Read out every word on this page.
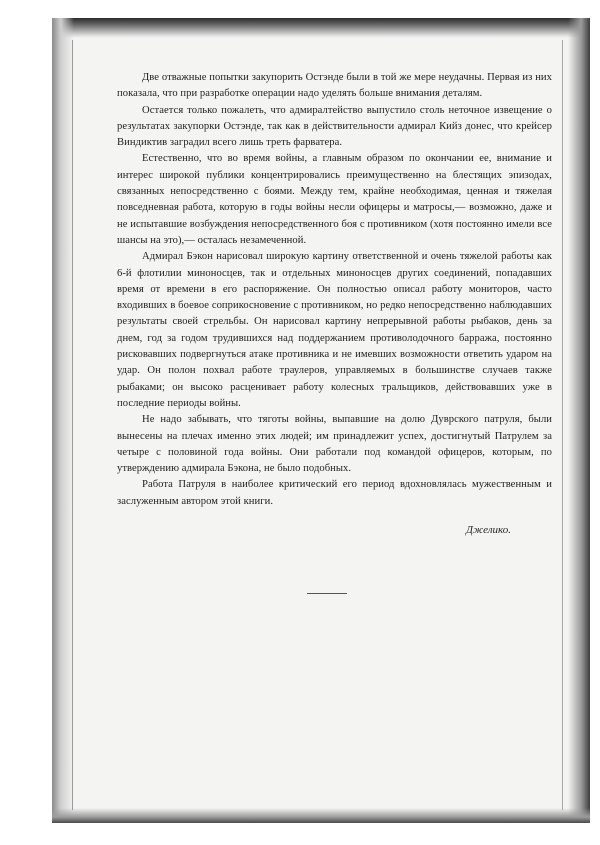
Две отважные попытки закупорить Остэнде были в той же мере неудачны. Первая из них показала, что при разработке операции надо уделять больше внимания деталям.

Остается только пожалеть, что адмиралтейство выпустило столь неточное извещение о результатах закупорки Остэнде, так как в действительности адмирал Кийз донес, что крейсер Виндиктив заградил всего лишь треть фарватера.

Естественно, что во время войны, а главным образом по окончании ее, внимание и интерес широкой публики концентрировались преимущественно на блестящих эпизодах, связанных непосредственно с боями. Между тем, крайне необходимая, ценная и тяжелая повседневная работа, которую в годы войны несли офицеры и матросы,— возможно, даже и не испытавшие возбуждения непосредственного боя с противником (хотя постоянно имели все шансы на это),— осталась незамеченной.

Адмирал Бэкон нарисовал широкую картину ответственной и очень тяжелой работы как 6-й флотилии миноносцев, так и отдельных миноносцев других соединений, попадавших время от времени в его распоряжение. Он полностью описал работу мониторов, часто входивших в боевое соприкосновение с противником, но редко непосредственно наблюдавших результаты своей стрельбы. Он нарисовал картину непрерывной работы рыбаков, день за днем, год за годом трудившихся над поддержанием противолодочного барража, постоянно рисковавших подвергнуться атаке противника и не имевших возможности ответить ударом на удар. Он полон похвал работе траулеров, управляемых в большинстве случаев также рыбаками; он высоко расценивает работу колесных тральщиков, действовавших уже в последние периоды войны.

Не надо забывать, что тяготы войны, выпавшие на долю Дуврского патруля, были вынесены на плечах именно этих людей; им принадлежит успех, достигнутый Патрулем за четыре с половиной года войны. Они работали под командой офицеров, которым, по утверждению адмирала Бэкона, не было подобных.

Работа Патруля в наиболее критический его период вдохновлялась мужественным и заслуженным автором этой книги.

Джелико.
